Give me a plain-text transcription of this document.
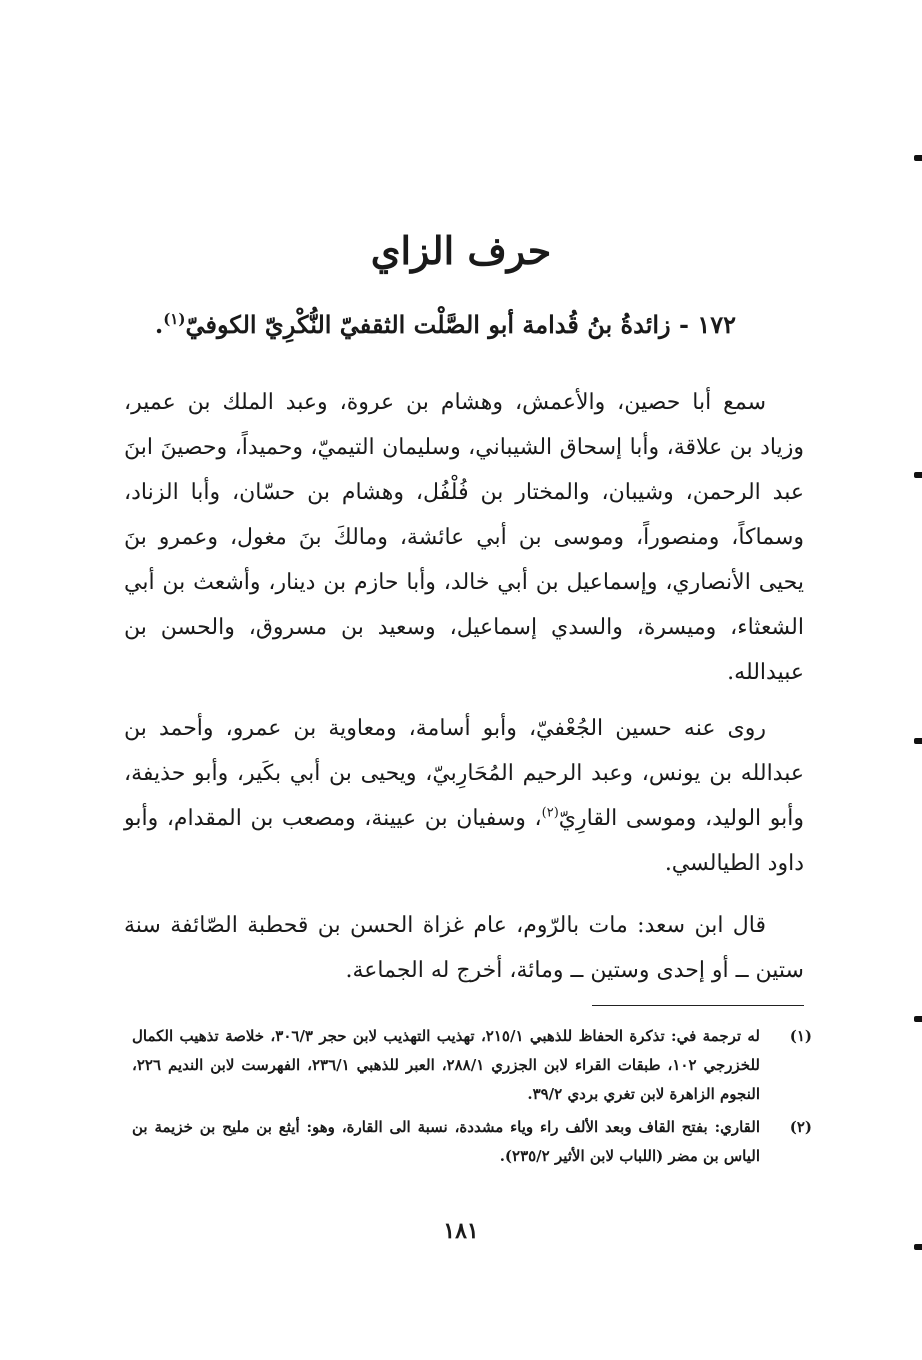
حرف الزاي
١٧٢ - زائدةُ بنُ قُدامة أبو الصَّلْت الثقفيّ النُّكْرِيّ الكوفيّ$^{(١)}$.

سمع أبا حصين، والأعمش، وهشام بن عروة، وعبد الملك بن عمير، وزياد بن علاقة، وأبا إسحاق الشيباني، وسليمان التيميّ، وحميداً، وحصينَ ابنَ عبد الرحمن، وشيبان، والمختار بن فُلْفُل، وهشام بن حسّان، وأبا الزناد، وسماكاً، ومنصوراً، وموسى بن أبي عائشة، ومالكَ بنَ مغول، وعمرو بنَ يحيى الأنصاري، وإسماعيل بن أبي خالد، وأبا حازم بن دينار، وأشعث بن أبي الشعثاء، وميسرة، والسدي إسماعيل، وسعيد بن مسروق، والحسن بن عبيدالله.

روى عنه حسين الجُعْفيّ، وأبو أسامة، ومعاوية بن عمرو، وأحمد بن عبدالله بن يونس، وعبد الرحيم المُحَارِبيّ، ويحيى بن أبي بكَير، وأبو حذيفة، وأبو الوليد، وموسى القارِيّ$^{(٢)}$، وسفيان بن عيينة، ومصعب بن المقدام، وأبو داود الطيالسي.

قال ابن سعد: مات بالرّوم، عام غزاة الحسن بن قحطبة الصّائفة سنة ستين ــ أو إحدى وستين ــ ومائة، أخرج له الجماعة.

(١)
له ترجمة في: تذكرة الحفاظ للذهبي ٢١٥/١، تهذيب التهذيب لابن حجر ٣٠٦/٣، خلاصة تذهيب الكمال للخزرجي ١٠٢، طبقات القراء لابن الجزري ٢٨٨/١، العبر للذهبي ٢٣٦/١، الفهرست لابن النديم ٢٢٦، النجوم الزاهرة لابن تغري بردي ٣٩/٢.
(٢)
القاري: بفتح القاف وبعد الألف راء وياء مشددة، نسبة الى القارة، وهو: أيثع بن مليح بن خزيمة بن الياس بن مضر (اللباب لابن الأثير ٢٣٥/٢).
١٨١
